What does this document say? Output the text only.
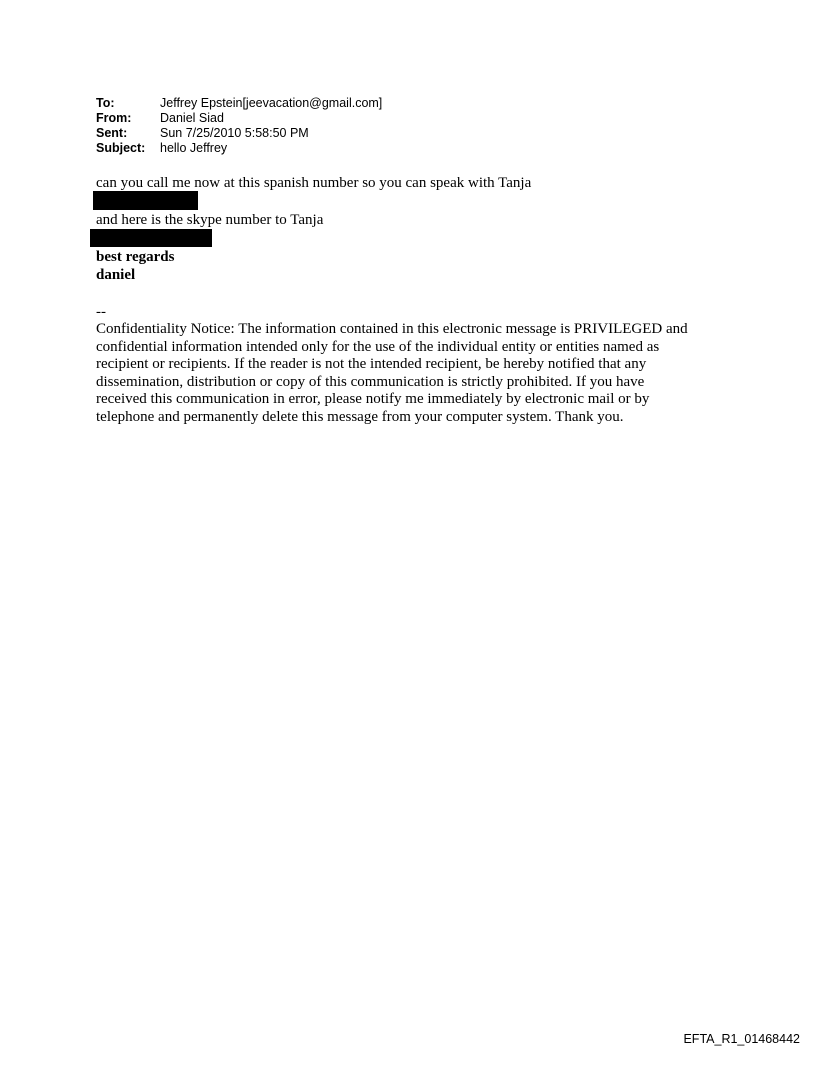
To:	Jeffrey Epstein[jeevacation@gmail.com]
From:	Daniel Siad
Sent:	Sun 7/25/2010 5:58:50 PM
Subject:	hello Jeffrey
can you call me now at this spanish number so you can speak with Tanja
and here is the skype number to Tanja
best regards
daniel
--
Confidentiality Notice: The information contained in this electronic message is PRIVILEGED and
confidential information intended only for the use of the individual entity or entities named as
recipient or recipients. If the reader is not the intended recipient, be hereby notified that any
dissemination, distribution or copy of this communication is strictly prohibited. If you have
received this communication in error, please notify me immediately by electronic mail or by
telephone and permanently delete this message from your computer system. Thank you.
EFTA_R1_01468442
